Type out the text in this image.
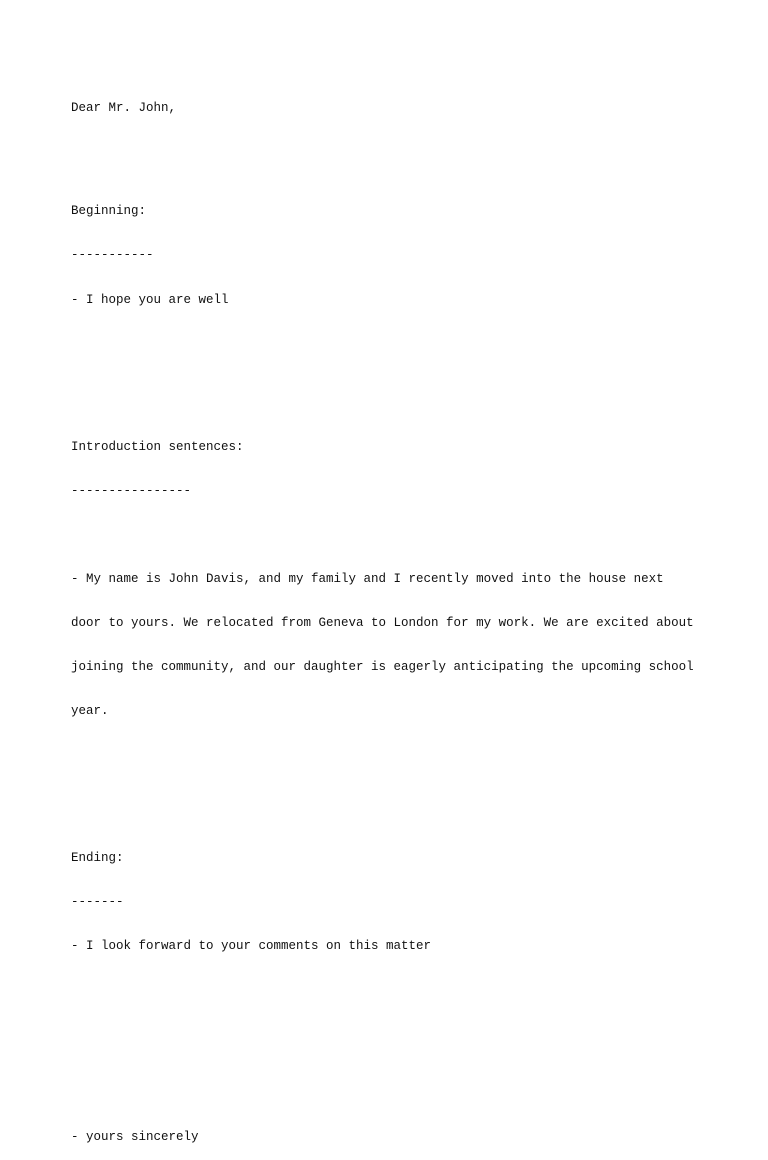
Dear Mr. John,

Beginning:

-----------

- I hope you are well

Introduction sentences:

----------------

- My name is John Davis, and my family and I recently moved into the house next

door to yours. We relocated from Geneva to London for my work. We are excited about

joining the community, and our daughter is eagerly anticipating the upcoming school

year.

Ending:

-------

- I look forward to your comments on this matter

- yours sincerely
